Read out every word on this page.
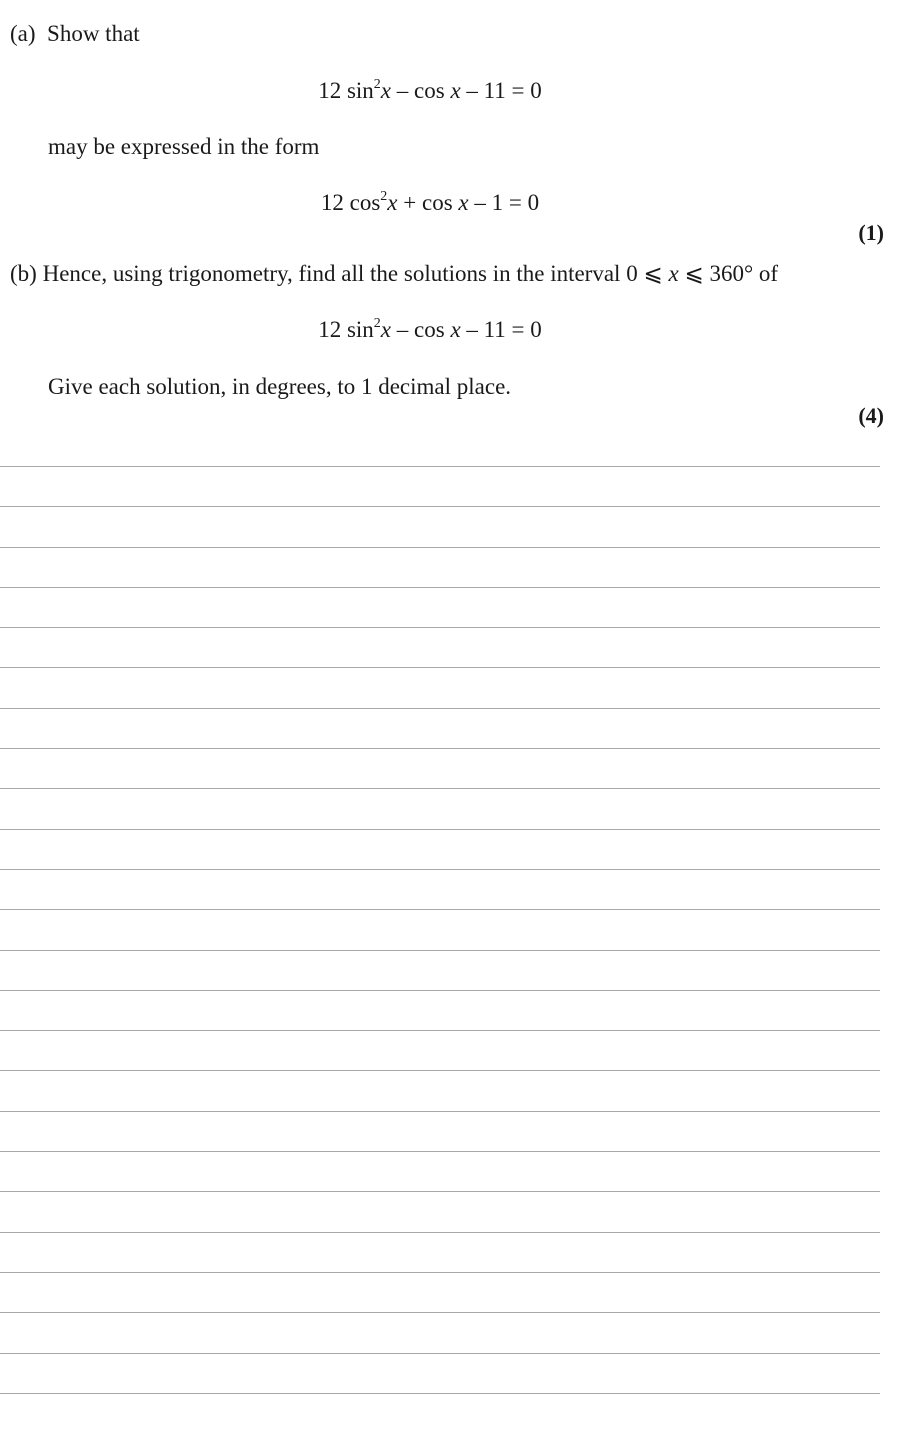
(a) Show that
12 $\sin^2x - \cos x - 11 = 0$
may be expressed in the form
12 $\cos^2x + \cos x - 1 = 0$
(1)
(b) Hence, using trigonometry, find all the solutions in the interval 0 ⩽ x ⩽ 360° of
12 $\sin^2x - \cos x - 11 = 0$
Give each solution, in degrees, to 1 decimal place.
(4)
